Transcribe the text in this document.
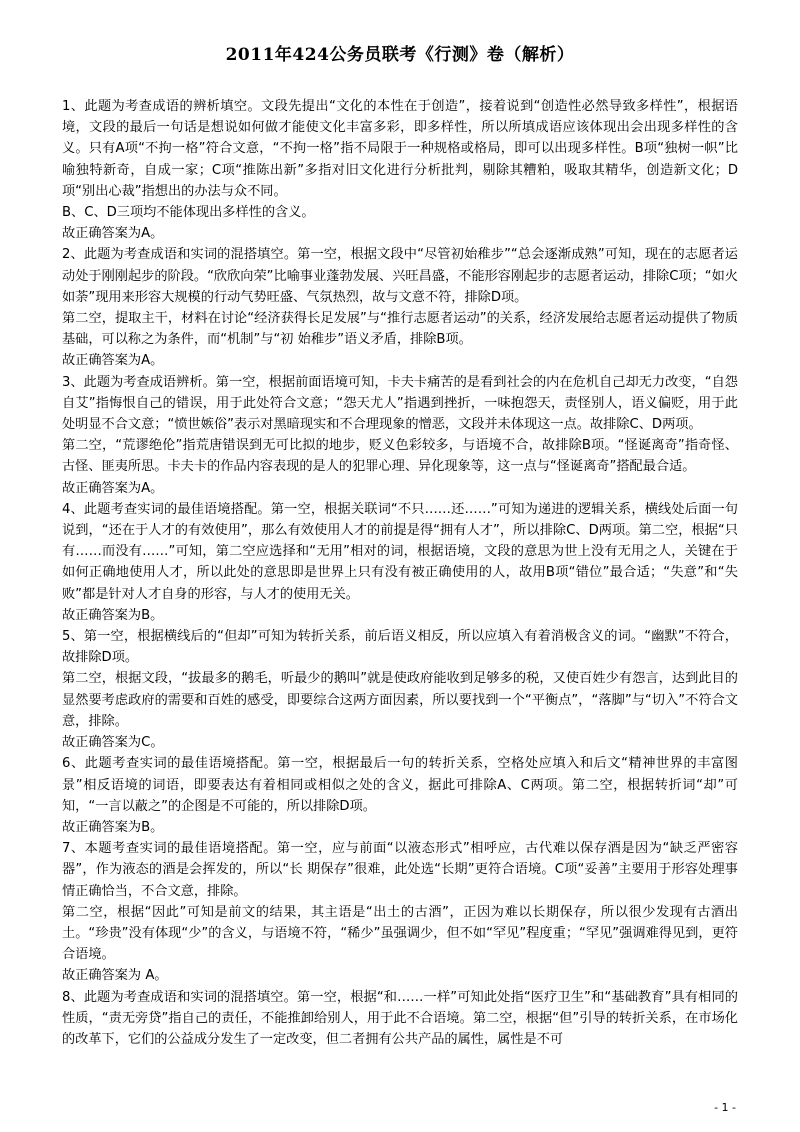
2011年424公务员联考《行测》卷（解析）

1、此题为考查成语的辨析填空。文段先提出“文化的本性在于创造”，接着说到“创造性必然导致多样性”，根据语境，文段的最后一句话是想说如何做才能使文化丰富多彩，即多样性，所以所填成语应该体现出会出现多样性的含义。只有A项“不拘一格”符合文意，“不拘一格”指不局限于一种规格或格局，即可以出现多样性。B项“独树一帜”比喻独特新奇，自成一家；C项“推陈出新”多指对旧文化进行分析批判，剔除其糟粕，吸取其精华，创造新文化；D项“别出心裁”指想出的办法与众不同。

B、C、D三项均不能体现出多样性的含义。

故正确答案为A。

2、此题为考查成语和实词的混搭填空。第一空，根据文段中“尽管初始稚步”“总会逐渐成熟”可知，现在的志愿者运动处于刚刚起步的阶段。“欣欣向荣”比喻事业蓬勃发展、兴旺昌盛，不能形容刚起步的志愿者运动，排除C项；“如火如荼”现用来形容大规模的行动气势旺盛、气氛热烈，故与文意不符，排除D项。

第二空，提取主干，材料在讨论“经济获得长足发展”与“推行志愿者运动”的关系，经济发展给志愿者运动提供了物质基础，可以称之为条件，而“机制”与“初 始稚步”语义矛盾，排除B项。

故正确答案为A。

3、此题为考查成语辨析。第一空，根据前面语境可知，卡夫卡痛苦的是看到社会的内在危机自己却无力改变，“自怨自艾”指悔恨自己的错误，用于此处符合文意；“怨天尤人”指遇到挫折，一味抱怨天，责怪别人，语义偏贬，用于此处明显不合文意；“愤世嫉俗”表示对黑暗现实和不合理现象的憎恶，文段并未体现这一点。故排除C、D两项。

第二空，“荒谬绝伦”指荒唐错误到无可比拟的地步，贬义色彩较多，与语境不合，故排除B项。“怪诞离奇”指奇怪、古怪、匪夷所思。卡夫卡的作品内容表现的是人的犯罪心理、异化现象等，这一点与“怪诞离奇”搭配最合适。

故正确答案为A。

4、此题考查实词的最佳语境搭配。第一空，根据关联词“不只……还……”可知为递进的逻辑关系，横线处后面一句说到，“还在于人才的有效使用”，那么有效使用人才的前提是得“拥有人才”，所以排除C、D两项。第二空，根据“只有……而没有……”可知，第二空应选择和“无用”相对的词，根据语境，文段的意思为世上没有无用之人，关键在于如何正确地使用人才，所以此处的意思即是世界上只有没有被正确使用的人，故用B项“错位”最合适；“失意”和“失败”都是针对人才自身的形容，与人才的使用无关。

故正确答案为B。

5、第一空，根据横线后的“但却”可知为转折关系，前后语义相反，所以应填入有着消极含义的词。“幽默”不符合，故排除D项。

第二空，根据文段，“拔最多的鹅毛，听最少的鹅叫”就是使政府能收到足够多的税，又使百姓少有怨言，达到此目的显然要考虑政府的需要和百姓的感受，即要综合这两方面因素，所以要找到一个“平衡点”，“落脚”与“切入”不符合文意，排除。

故正确答案为C。

6、此题考查实词的最佳语境搭配。第一空，根据最后一句的转折关系，空格处应填入和后文“精神世界的丰富图景”相反语境的词语，即要表达有着相同或相似之处的含义，据此可排除A、C两项。第二空，根据转折词“却”可知，“一言以蔽之”的企图是不可能的，所以排除D项。

故正确答案为B。

7、本题考查实词的最佳语境搭配。第一空，应与前面“以液态形式”相呼应，古代难以保存酒是因为“缺乏严密容器”，作为液态的酒是会挥发的，所以“长 期保存”很难，此处选“长期”更符合语境。C项“妥善”主要用于形容处理事情正确恰当，不合文意，排除。

第二空，根据“因此”可知是前文的结果，其主语是“出土的古酒”，正因为难以长期保存，所以很少发现有古酒出土。“珍贵”没有体现“少”的含义，与语境不符，“稀少”虽强调少，但不如“罕见”程度重；“罕见”强调难得见到，更符合语境。

故正确答案为 A。

8、此题为考查成语和实词的混搭填空。第一空，根据“和……一样”可知此处指“医疗卫生”和“基础教育”具有相同的性质，“责无旁贷”指自己的责任，不能推卸给别人，用于此不合语境。第二空，根据“但”引导的转折关系，在市场化的改革下，它们的公益成分发生了一定改变，但二者拥有公共产品的属性，属性是不可

- 1 -
